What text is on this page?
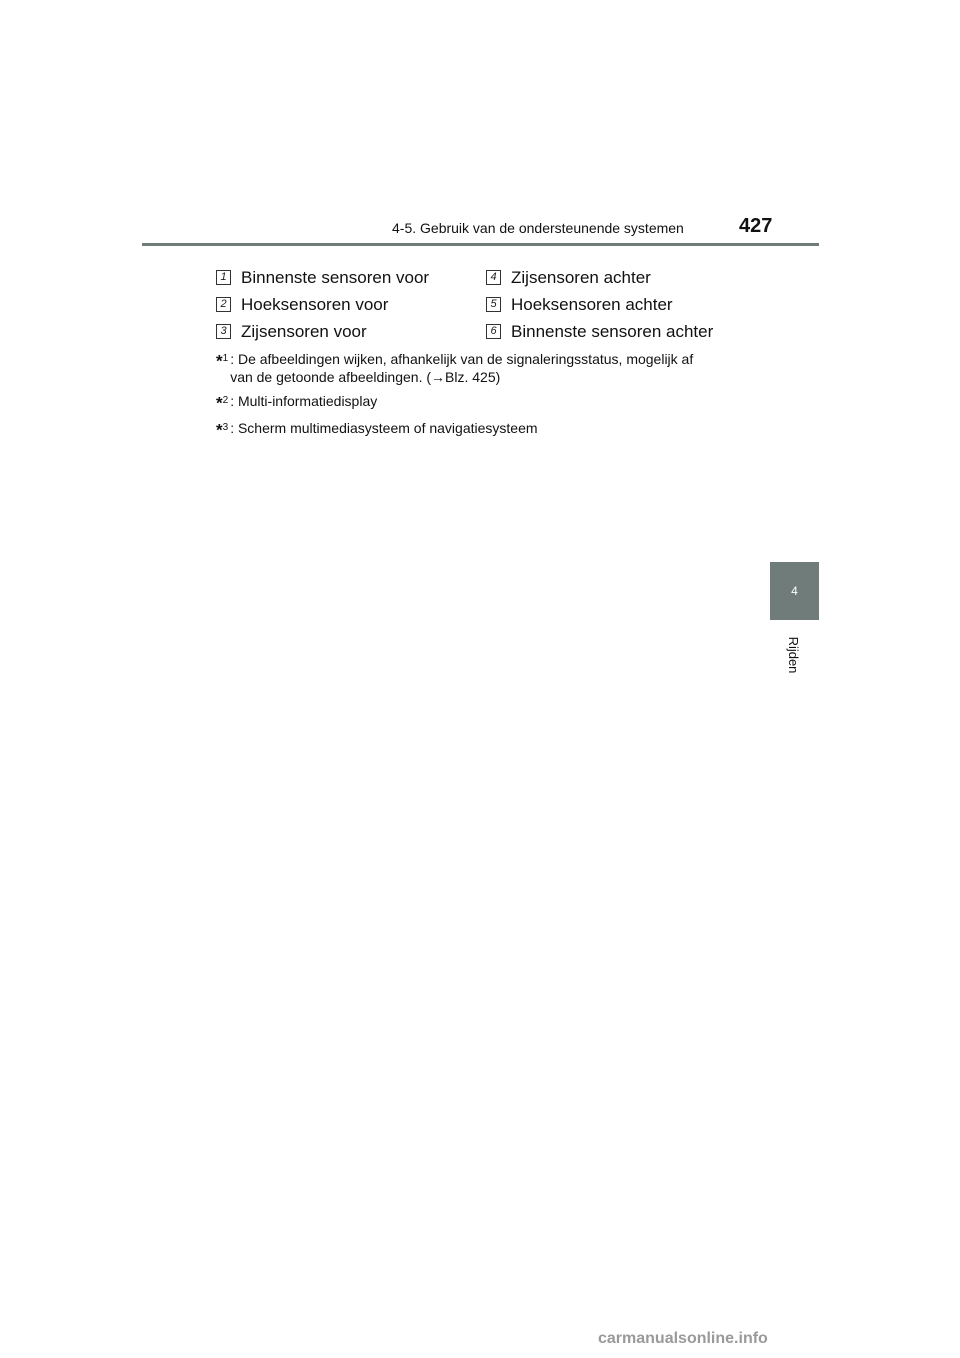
4-5. Gebruik van de ondersteunende systemen	427
4
Rijden
1 Binnenste sensoren voor	4 Zijsensoren achter
2 Hoeksensoren voor	5 Hoeksensoren achter
3 Zijsensoren voor	6 Binnenste sensoren achter
*$^1$ : De afbeeldingen wijken, afhankelijk van de signaleringsstatus, mogelijk af
van de getoonde afbeeldingen. (→Blz. 425)
*$^2$ : Multi-informatiedisplay
*$^3$ : Scherm multimediasysteem of navigatiesysteem
carmanualsonline.info
